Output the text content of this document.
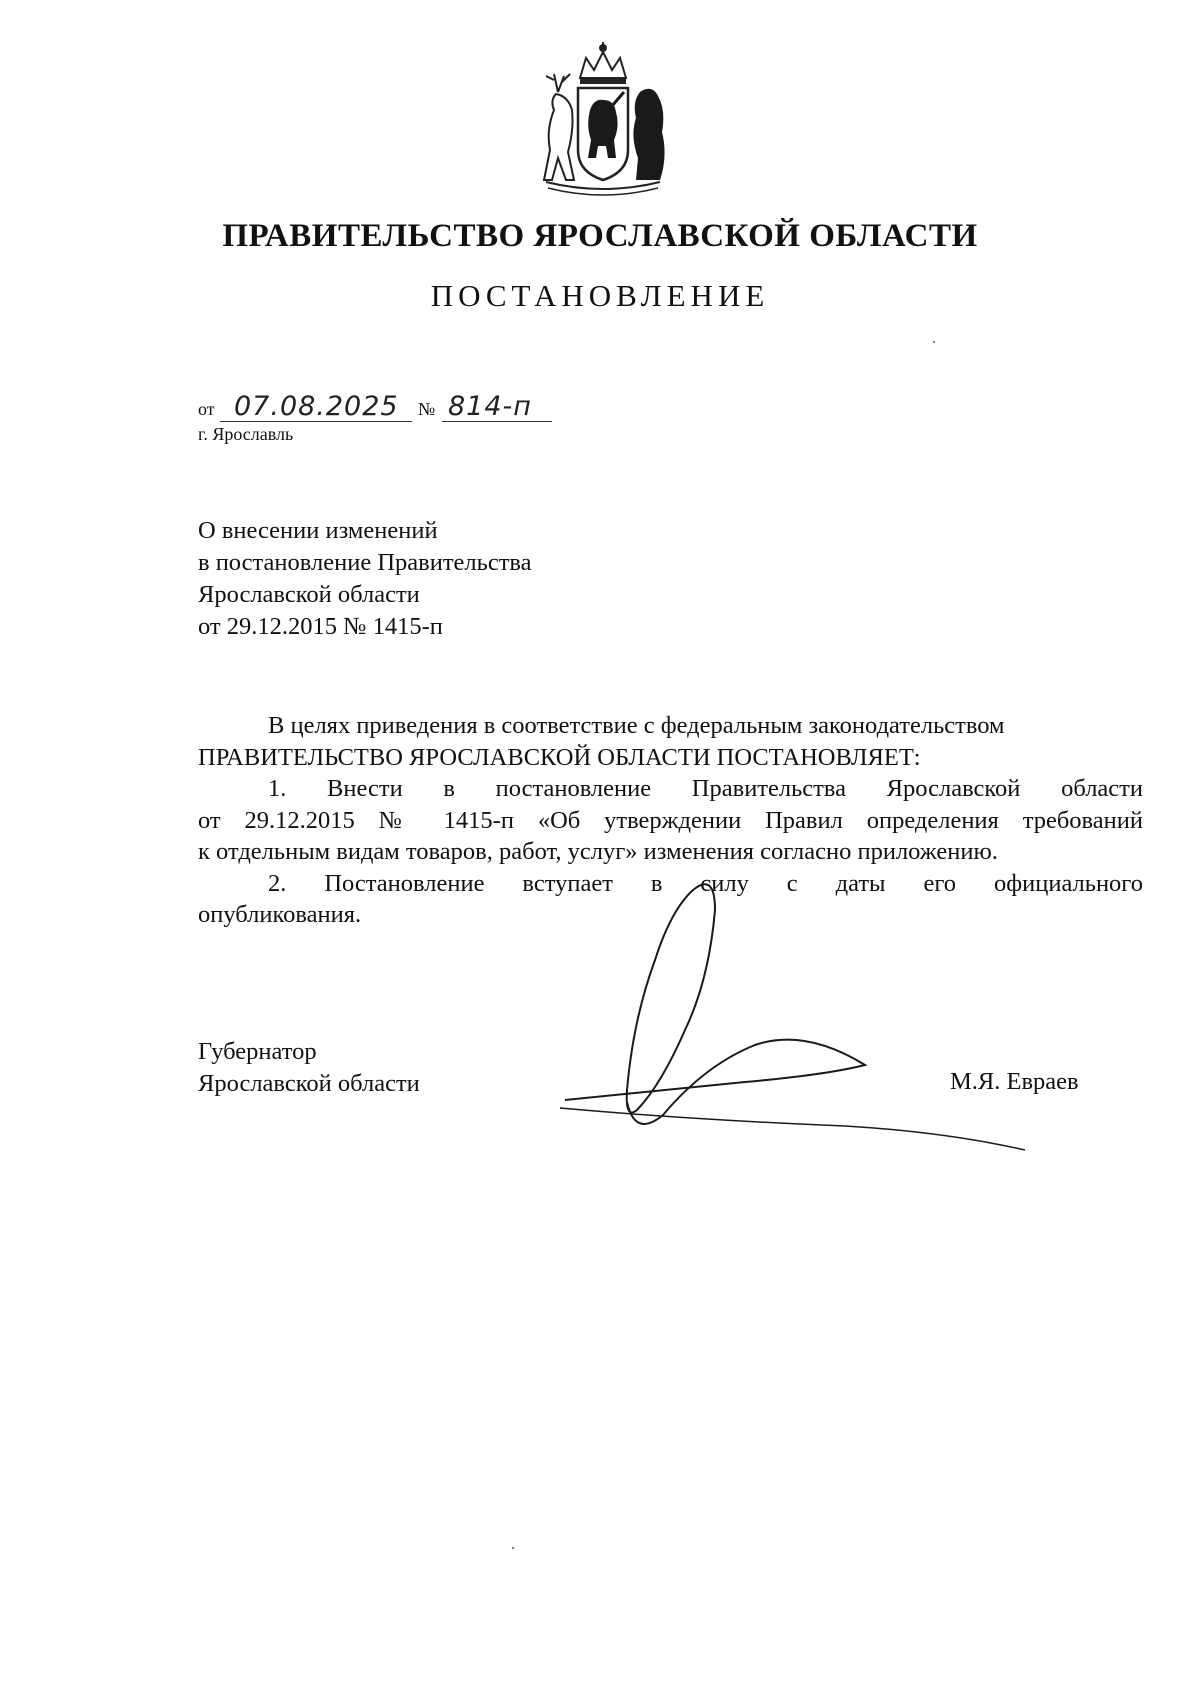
ПРАВИТЕЛЬСТВО ЯРОСЛАВСКОЙ ОБЛАСТИ
ПОСТАНОВЛЕНИЕ
от 07.08.2025 № 814-п
г. Ярославль
О внесении изменений
в постановление Правительства
Ярославской области
от 29.12.2015 № 1415-п
В целях приведения в соответствие с федеральным законодательством
ПРАВИТЕЛЬСТВО ЯРОСЛАВСКОЙ ОБЛАСТИ ПОСТАНОВЛЯЕТ:
1. Внести в постановление Правительства Ярославской области
от 29.12.2015 № 1415-п «Об утверждении Правил определения требований
к отдельным видам товаров, работ, услуг» изменения согласно приложению.
2. Постановление вступает в силу с даты его официального
опубликования.
Губернатор
Ярославской области	М.Я. Евраев
